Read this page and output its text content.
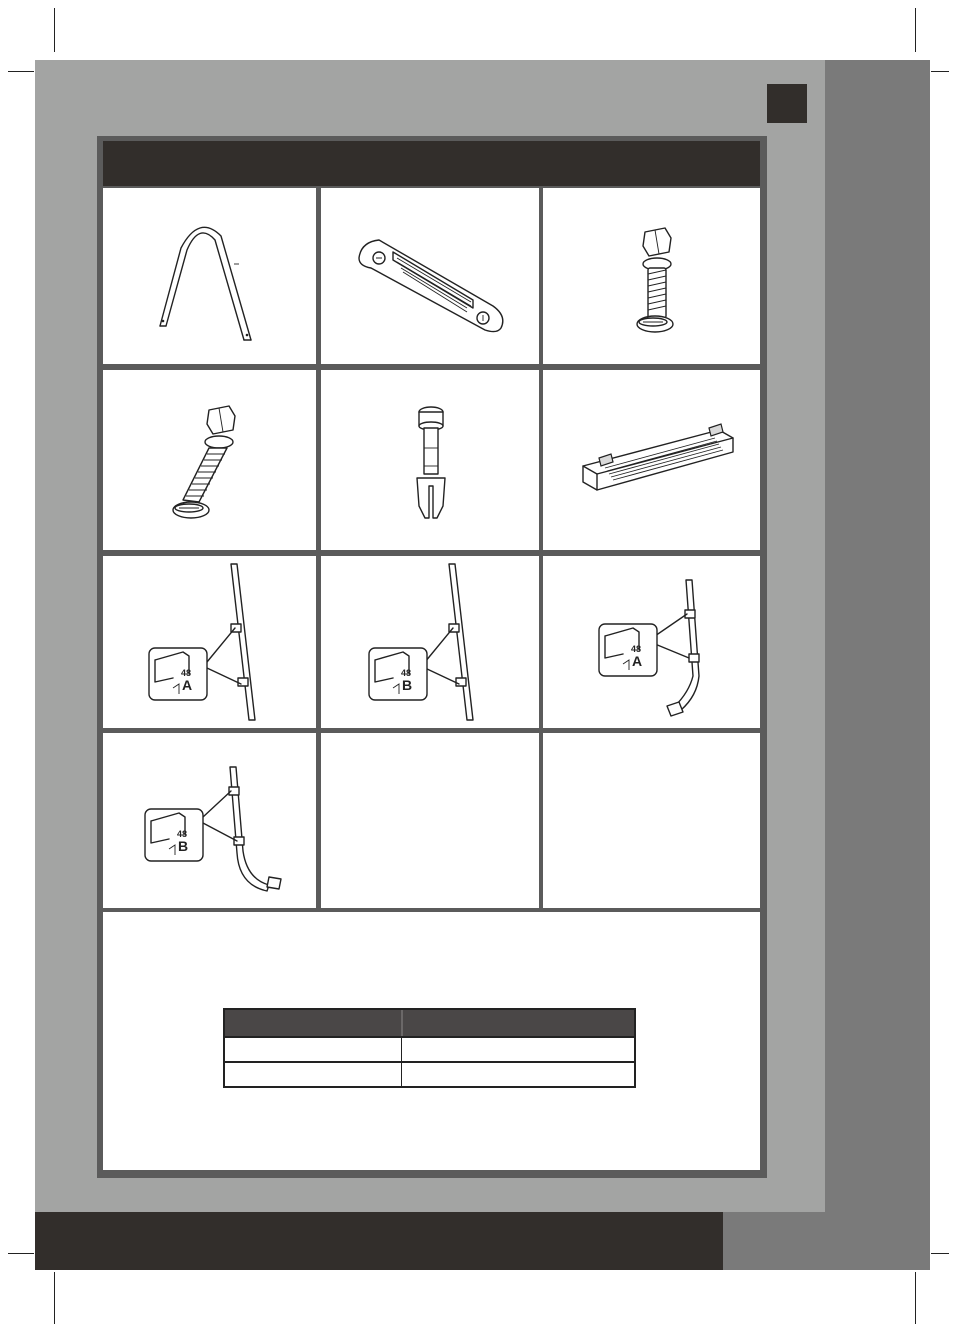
48
A
48
B
48
A
48
B
